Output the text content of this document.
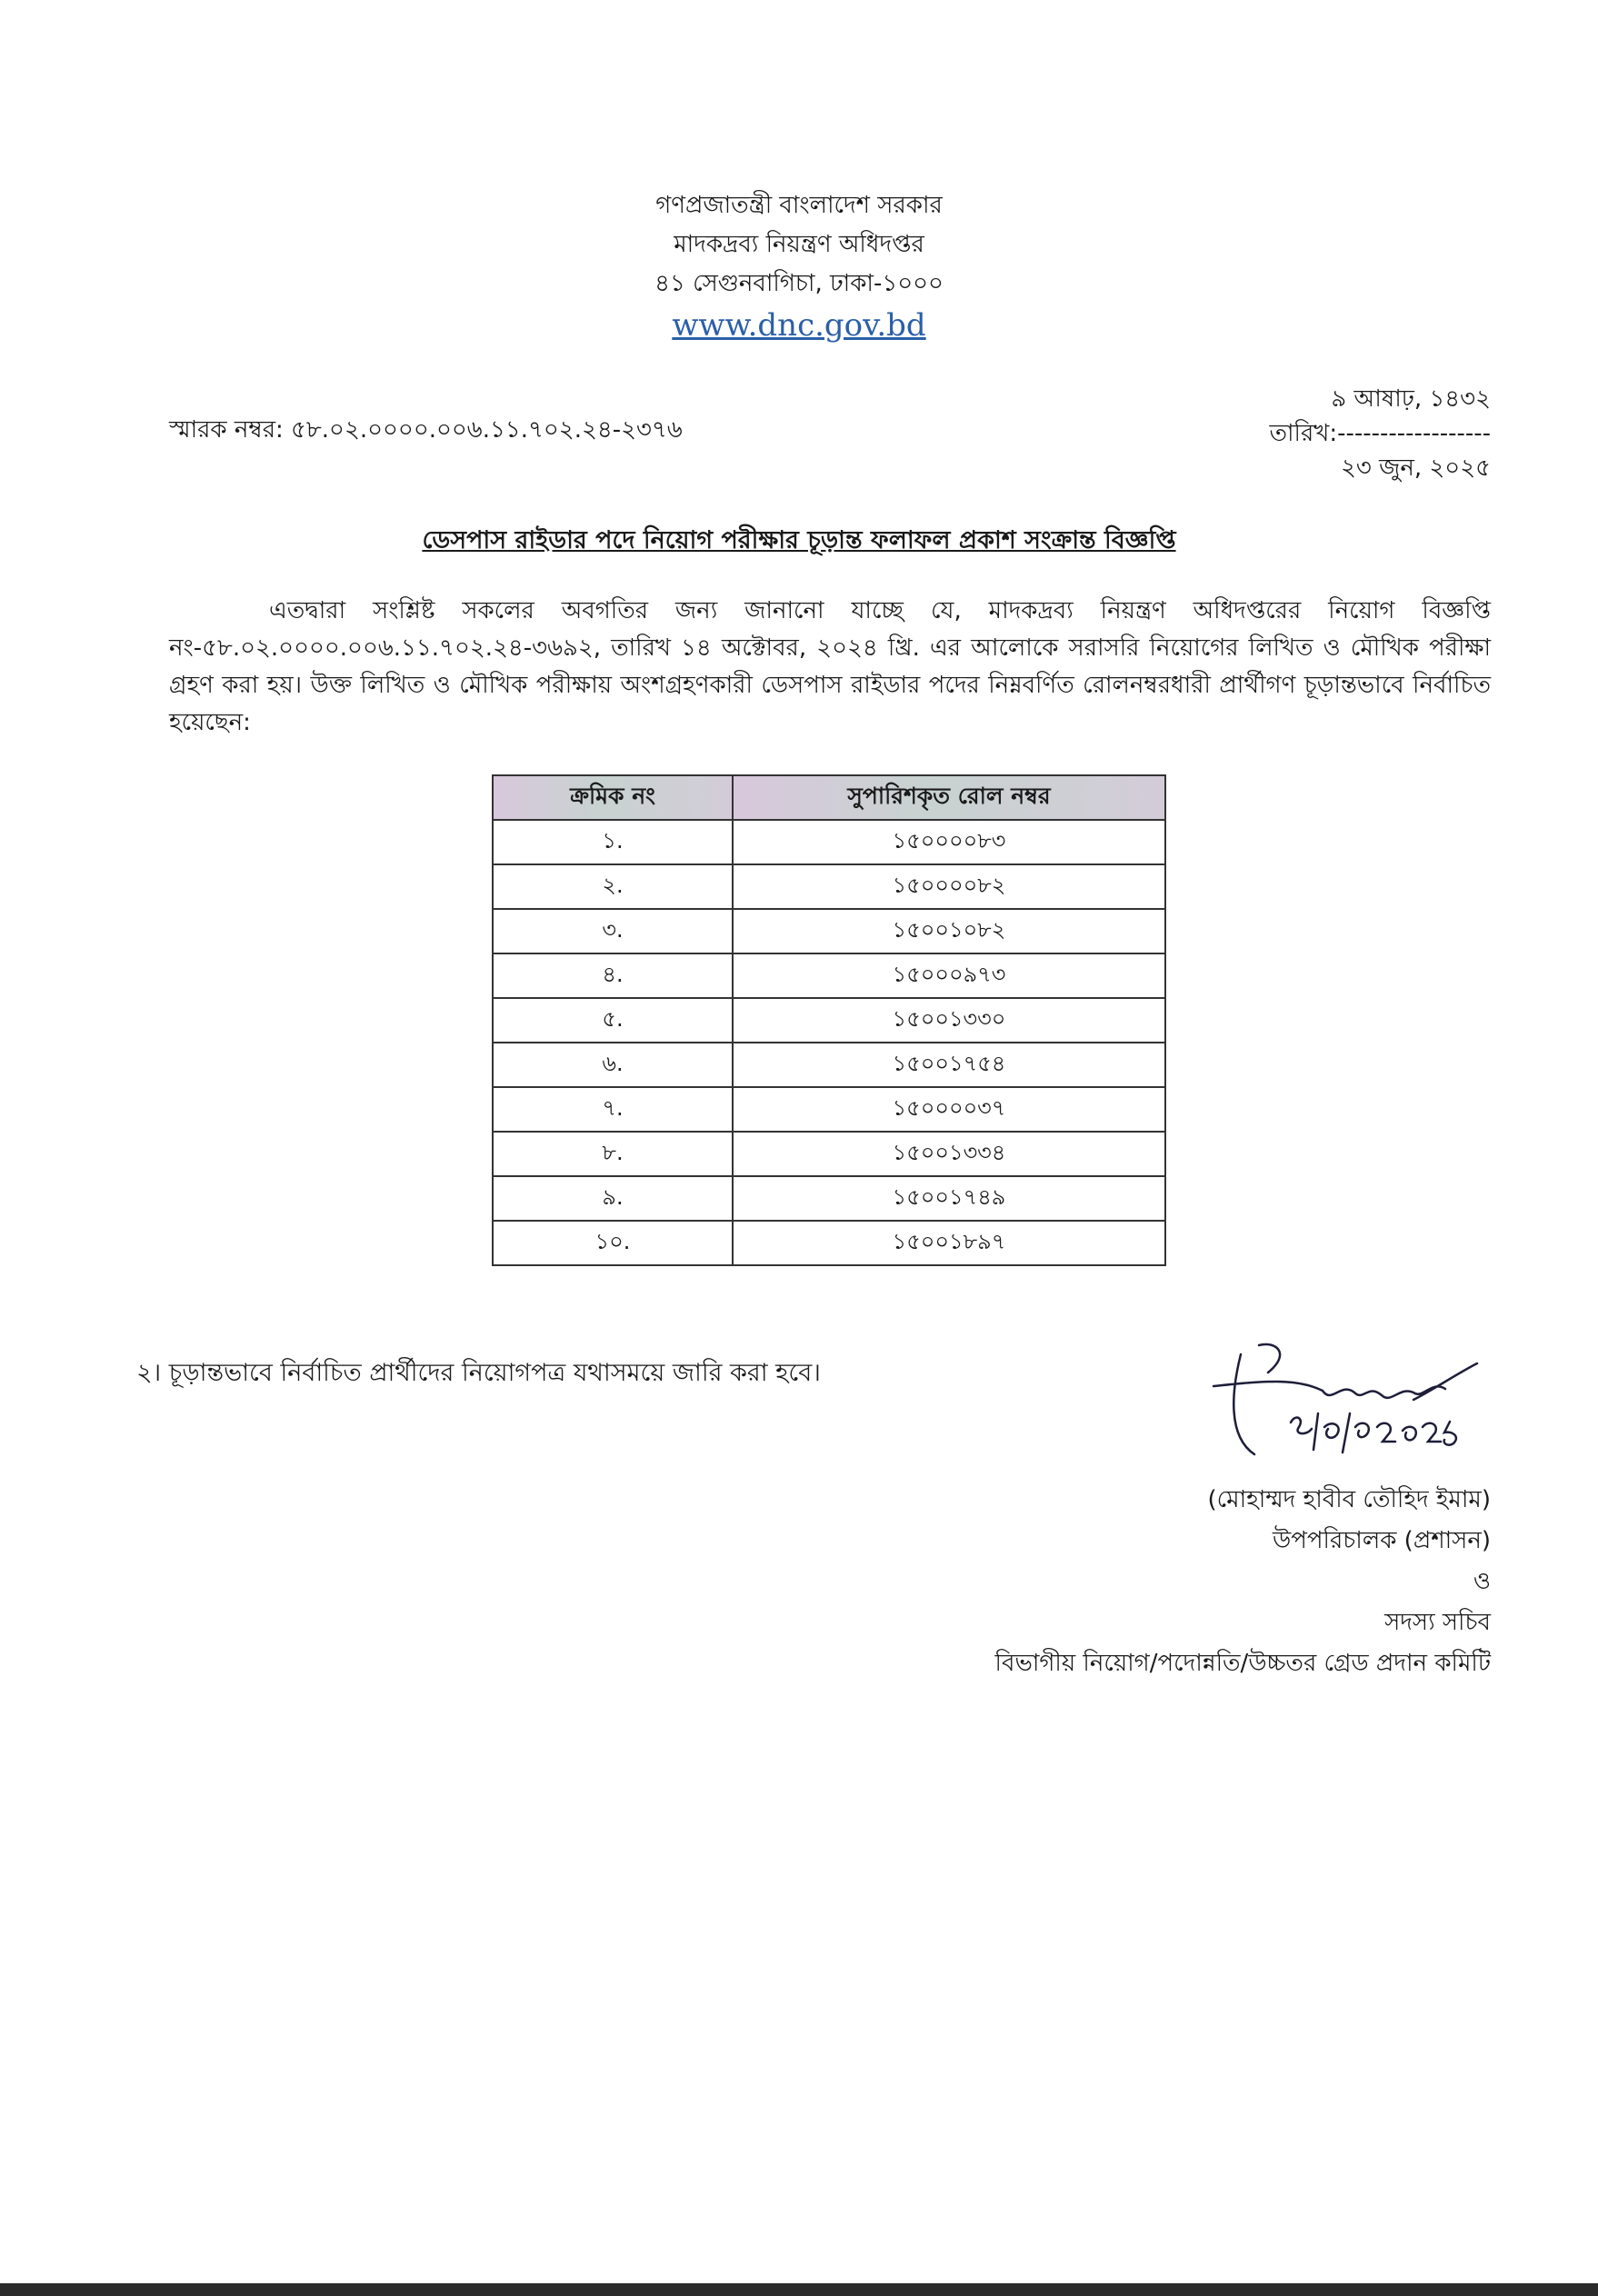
গণপ্রজাতন্ত্রী বাংলাদেশ সরকার
মাদকদ্রব্য নিয়ন্ত্রণ অধিদপ্তর
৪১ সেগুনবাগিচা, ঢাকা-১০০০
www.dnc.gov.bd
স্মারক নম্বর: ৫৮.০২.০০০০.০০৬.১১.৭০২.২৪-২৩৭৬
৯ আষাঢ়, ১৪৩২
তারিখ:------------------
২৩ জুন, ২০২৫
ডেসপাস রাইডার পদে নিয়োগ পরীক্ষার চূড়ান্ত ফলাফল প্রকাশ সংক্রান্ত বিজ্ঞপ্তি
এতদ্বারা সংশ্লিষ্ট সকলের অবগতির জন্য জানানো যাচ্ছে যে, মাদকদ্রব্য নিয়ন্ত্রণ অধিদপ্তরের নিয়োগ বিজ্ঞপ্তি নং-৫৮.০২.০০০০.০০৬.১১.৭০২.২৪-৩৬৯২, তারিখ ১৪ অক্টোবর, ২০২৪ খ্রি. এর আলোকে সরাসরি নিয়োগের লিখিত ও মৌখিক পরীক্ষা গ্রহণ করা হয়। উক্ত লিখিত ও মৌখিক পরীক্ষায় অংশগ্রহণকারী ডেসপাস রাইডার পদের নিম্নবর্ণিত রোলনম্বরধারী প্রার্থীগণ চূড়ান্তভাবে নির্বাচিত হয়েছেন:
ক্রমিক নং	সুপারিশকৃত রোল নম্বর
১.	১৫০০০০৮৩
২.	১৫০০০০৮২
৩.	১৫০০১০৮২
৪.	১৫০০০৯৭৩
৫.	১৫০০১৩৩০
৬.	১৫০০১৭৫৪
৭.	১৫০০০০৩৭
৮.	১৫০০১৩৩৪
৯.	১৫০০১৭৪৯
১০.	১৫০০১৮৯৭
২। চূড়ান্তভাবে নির্বাচিত প্রার্থীদের নিয়োগপত্র যথাসময়ে জারি করা হবে।
(মোহাম্মদ হাবীব তৌহিদ ইমাম)
উপপরিচালক (প্রশাসন)
ও
সদস্য সচিব
বিভাগীয় নিয়োগ/পদোন্নতি/উচ্চতর গ্রেড প্রদান কমিটি
